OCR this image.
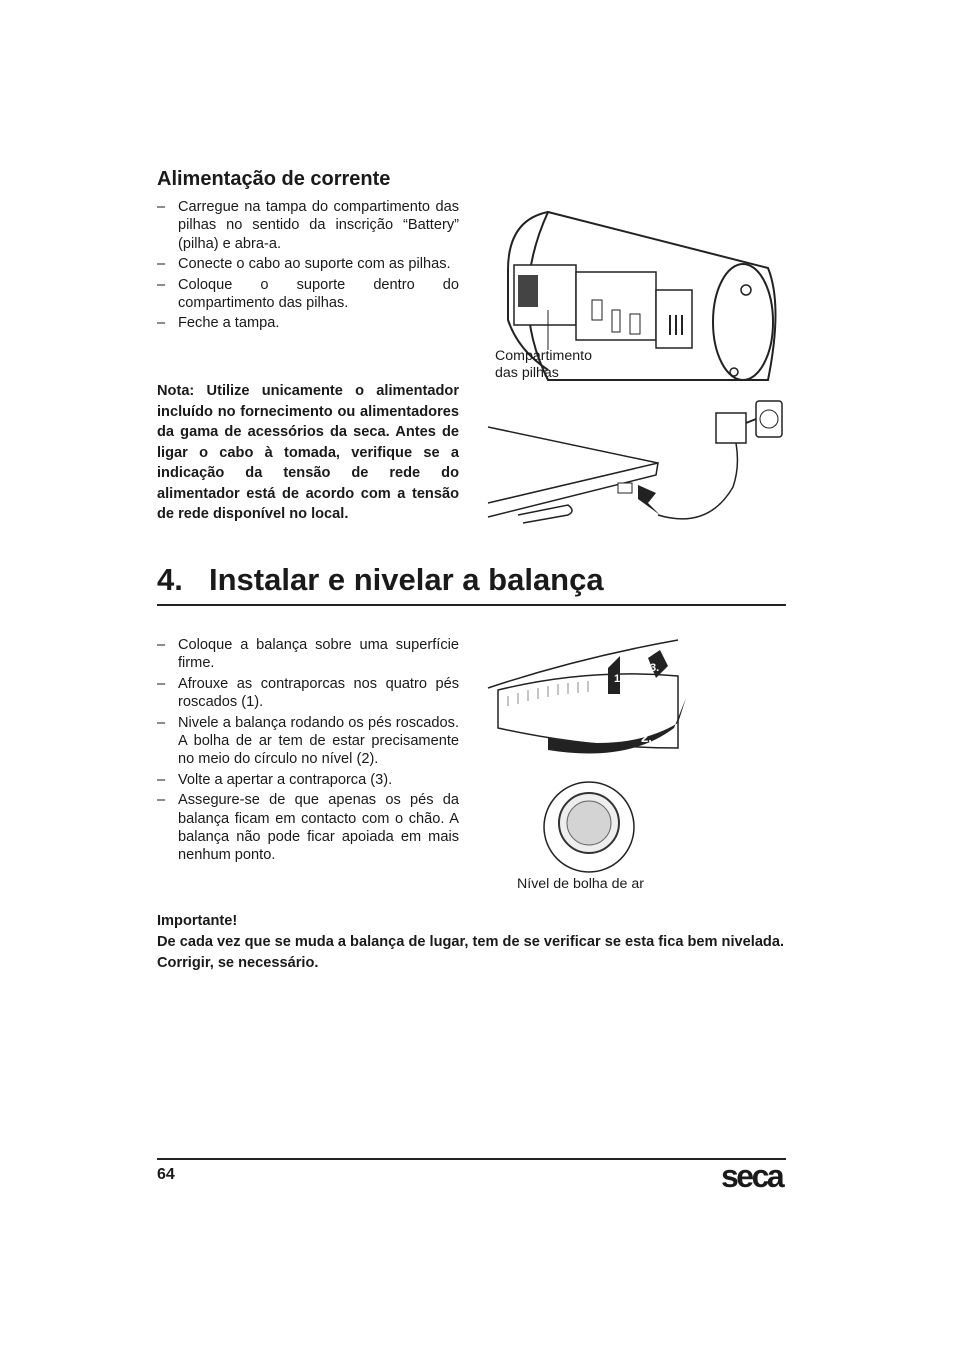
Alimentação de corrente
– Carregue na tampa do compartimento das pilhas no sentido da inscrição “Battery” (pilha) e abra-a.
– Conecte o cabo ao suporte com as pilhas.
– Coloque o suporte dentro do compartimento das pilhas.
– Feche a tampa.
Nota: Utilize unicamente o alimentador incluído no fornecimento ou alimentadores da gama de acessórios da seca. Antes de ligar o cabo à tomada, verifique se a indicação da tensão de rede do alimentador está de acordo com a tensão de rede disponível no local.
Compartimento
das pilhas
4. Instalar e nivelar a balança
– Coloque a balança sobre uma superfície firme.
– Afrouxe as contraporcas nos quatro pés roscados (1).
– Nivele a balança rodando os pés roscados. A bolha de ar tem de estar precisamente no meio do círculo no nível (2).
– Volte a apertar a contraporca (3).
– Assegure-se de que apenas os pés da balança ficam em contacto com o chão. A balança não pode ficar apoiada em mais nenhum ponto.
1.
2.
3.
Nível de bolha de ar
Importante!
De cada vez que se muda a balança de lugar, tem de se verificar se esta fica bem nivelada. Corrigir, se necessário.
64	seca
